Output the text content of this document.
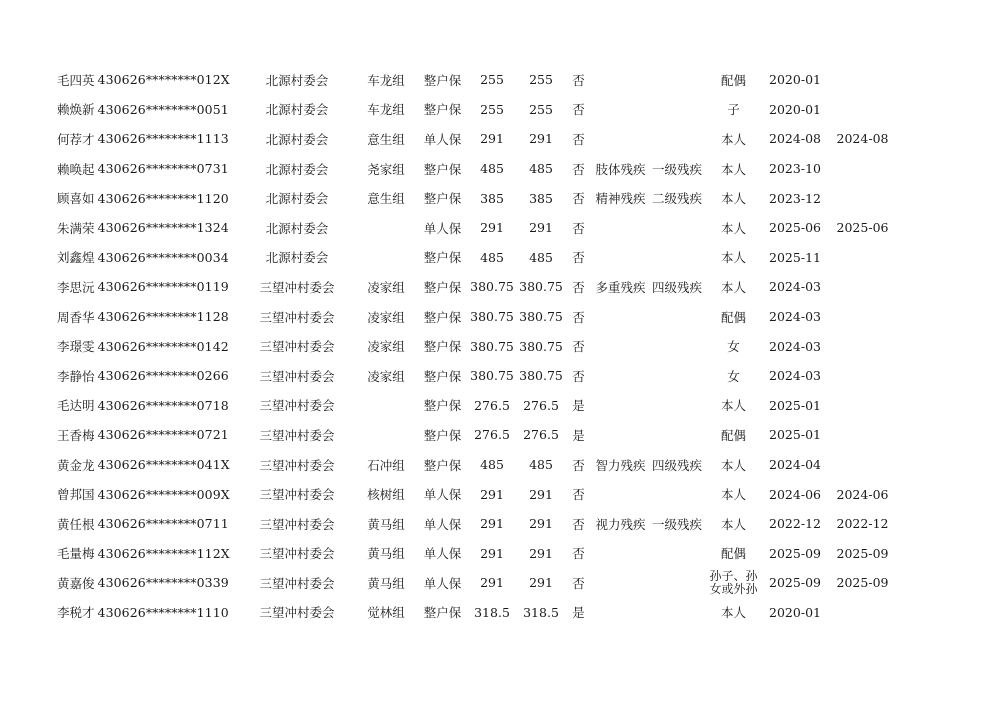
毛四英	430626********012X	北源村委会	车龙组	整户保	255	255	否			配偶	2020-01	
赖焕新	430626********0051	北源村委会	车龙组	整户保	255	255	否			子	2020-01	
何荐才	430626********1113	北源村委会	意生组	单人保	291	291	否			本人	2024-08	2024-08
赖唤起	430626********0731	北源村委会	尧家组	整户保	485	485	否	肢体残疾	一级残疾	本人	2023-10	
顾喜如	430626********1120	北源村委会	意生组	整户保	385	385	否	精神残疾	二级残疾	本人	2023-12	
朱满荣	430626********1324	北源村委会		单人保	291	291	否			本人	2025-06	2025-06
刘鑫煌	430626********0034	北源村委会		整户保	485	485	否			本人	2025-11	
李思沅	430626********0119	三望冲村委会	凌家组	整户保	380.75	380.75	否	多重残疾	四级残疾	本人	2024-03	
周香华	430626********1128	三望冲村委会	凌家组	整户保	380.75	380.75	否			配偶	2024-03	
李璟雯	430626********0142	三望冲村委会	凌家组	整户保	380.75	380.75	否			女	2024-03	
李静怡	430626********0266	三望冲村委会	凌家组	整户保	380.75	380.75	否			女	2024-03	
毛达明	430626********0718	三望冲村委会		整户保	276.5	276.5	是			本人	2025-01	
王香梅	430626********0721	三望冲村委会		整户保	276.5	276.5	是			配偶	2025-01	
黄金龙	430626********041X	三望冲村委会	石冲组	整户保	485	485	否	智力残疾	四级残疾	本人	2024-04	
曾邦国	430626********009X	三望冲村委会	核树组	单人保	291	291	否			本人	2024-06	2024-06
黄任根	430626********0711	三望冲村委会	黄马组	单人保	291	291	否	视力残疾	一级残疾	本人	2022-12	2022-12
毛量梅	430626********112X	三望冲村委会	黄马组	单人保	291	291	否			配偶	2025-09	2025-09
黄嘉俊	430626********0339	三望冲村委会	黄马组	单人保	291	291	否			孙子、孙女或外孙	2025-09	2025-09
李税才	430626********1110	三望冲村委会	觉林组	整户保	318.5	318.5	是			本人	2020-01	
